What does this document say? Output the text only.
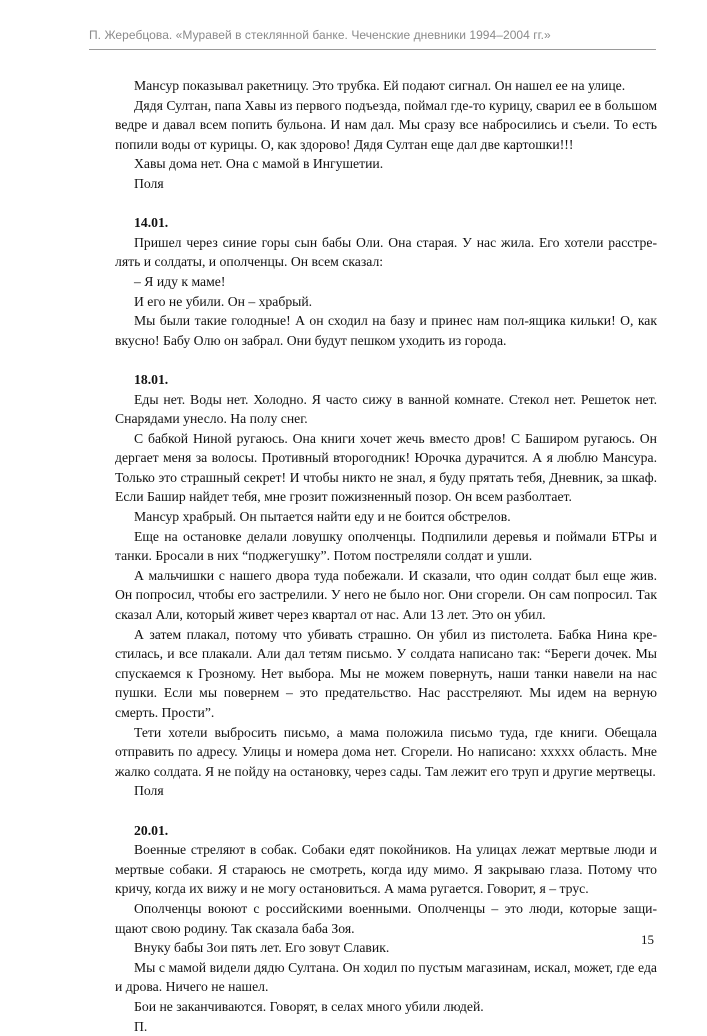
П. Жеребцова. «Муравей в стеклянной банке. Чеченские дневники 1994–2004 гг.»

Мансур показывал ракетницу. Это трубка. Ей подают сигнал. Он нашел ее на улице.

Дядя Султан, папа Хавы из первого подъезда, поймал где-то курицу, сварил ее в большом ведре и давал всем попить бульона. И нам дал. Мы сразу все набросились и съели. То есть попили воды от курицы. О, как здорово! Дядя Султан еще дал две картошки!!!

Хавы дома нет. Она с мамой в Ингушетии.

Поля

14.01.

Пришел через синие горы сын бабы Оли. Она старая. У нас жила. Его хотели расстрелять и солдаты, и ополченцы. Он всем сказал:

– Я иду к маме!

И его не убили. Он – храбрый.

Мы были такие голодные! А он сходил на базу и принес нам пол-ящика кильки! О, как вкусно! Бабу Олю он забрал. Они будут пешком уходить из города.

18.01.

Еды нет. Воды нет. Холодно. Я часто сижу в ванной комнате. Стекол нет. Решеток нет. Снарядами унесло. На полу снег.

С бабкой Ниной ругаюсь. Она книги хочет жечь вместо дров! С Баширом ругаюсь. Он дергает меня за волосы. Противный второгодник! Юрочка дурачится. А я люблю Мансура. Только это страшный секрет! И чтобы никто не знал, я буду прятать тебя, Дневник, за шкаф. Если Башир найдет тебя, мне грозит пожизненный позор. Он всем разболтает.

Мансур храбрый. Он пытается найти еду и не боится обстрелов.

Еще на остановке делали ловушку ополченцы. Подпилили деревья и поймали БТРы и танки. Бросали в них “поджегушку”. Потом постреляли солдат и ушли.

А мальчишки с нашего двора туда побежали. И сказали, что один солдат был еще жив. Он попросил, чтобы его застрелили. У него не было ног. Они сгорели. Он сам попросил. Так сказал Али, который живет через квартал от нас. Али 13 лет. Это он убил.

А затем плакал, потому что убивать страшно. Он убил из пистолета. Бабка Нина крестилась, и все плакали. Али дал тетям письмо. У солдата написано так: “Береги дочек. Мы спускаемся к Грозному. Нет выбора. Мы не можем повернуть, наши танки навели на нас пушки. Если мы повернем – это предательство. Нас расстреляют. Мы идем на верную смерть. Прости”.

Тети хотели выбросить письмо, а мама положила письмо туда, где книги. Обещала отправить по адресу. Улицы и номера дома нет. Сгорели. Но написано: ххххх область. Мне жалко солдата. Я не пойду на остановку, через сады. Там лежит его труп и другие мертвецы.

Поля

20.01.

Военные стреляют в собак. Собаки едят покойников. На улицах лежат мертвые люди и мертвые собаки. Я стараюсь не смотреть, когда иду мимо. Я закрываю глаза. Потому что кричу, когда их вижу и не могу остановиться. А мама ругается. Говорит, я – трус.

Ополченцы воюют с российскими военными. Ополченцы – это люди, которые защищают свою родину. Так сказала баба Зоя.

Внуку бабы Зои пять лет. Его зовут Славик.

Мы с мамой видели дядю Султана. Он ходил по пустым магазинам, искал, может, где еда и дрова. Ничего не нашел.

Бои не заканчиваются. Говорят, в селах много убили людей.

П.

15
